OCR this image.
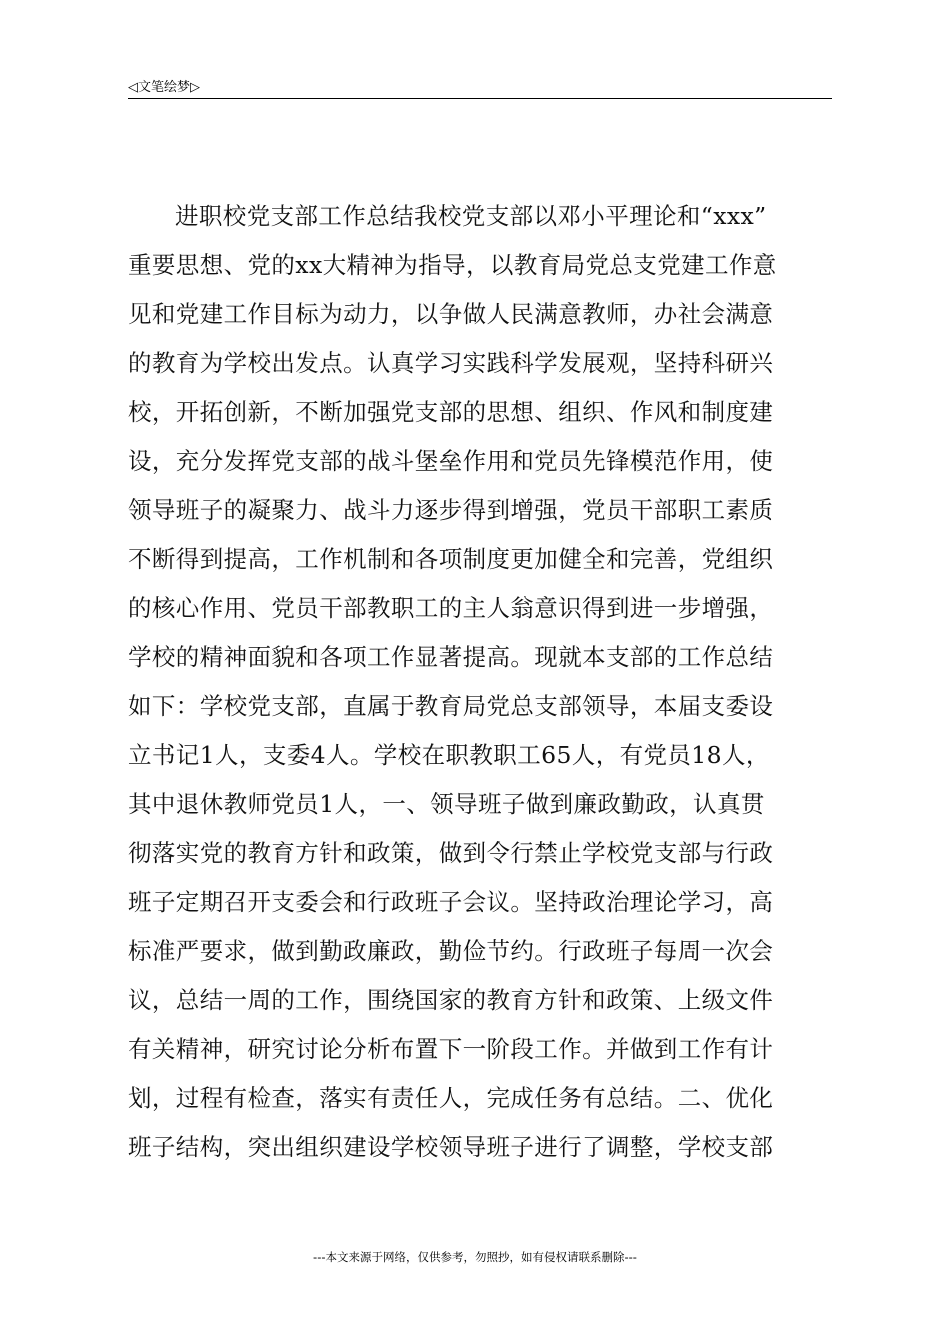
◁文笔绘梦▷
进职校党支部工作总结我校党支部以邓小平理论和“xxx”
重要思想、党的xx大精神为指导，以教育局党总支党建工作意
见和党建工作目标为动力，以争做人民满意教师，办社会满意
的教育为学校出发点。认真学习实践科学发展观，坚持科研兴
校，开拓创新，不断加强党支部的思想、组织、作风和制度建
设，充分发挥党支部的战斗堡垒作用和党员先锋模范作用，使
领导班子的凝聚力、战斗力逐步得到增强，党员干部职工素质
不断得到提高，工作机制和各项制度更加健全和完善，党组织
的核心作用、党员干部教职工的主人翁意识得到进一步增强，
学校的精神面貌和各项工作显著提高。现就本支部的工作总结
如下：学校党支部，直属于教育局党总支部领导，本届支委设
立书记1人，支委4人。学校在职教职工65人，有党员18人，
其中退休教师党员1人，一、领导班子做到廉政勤政，认真贯
彻落实党的教育方针和政策，做到令行禁止学校党支部与行政
班子定期召开支委会和行政班子会议。坚持政治理论学习，高
标准严要求，做到勤政廉政，勤俭节约。行政班子每周一次会
议，总结一周的工作，围绕国家的教育方针和政策、上级文件
有关精神，研究讨论分析布置下一阶段工作。并做到工作有计
划，过程有检查，落实有责任人，完成任务有总结。二、优化
班子结构，突出组织建设学校领导班子进行了调整，学校支部
---本文来源于网络，仅供参考，勿照抄，如有侵权请联系删除---
